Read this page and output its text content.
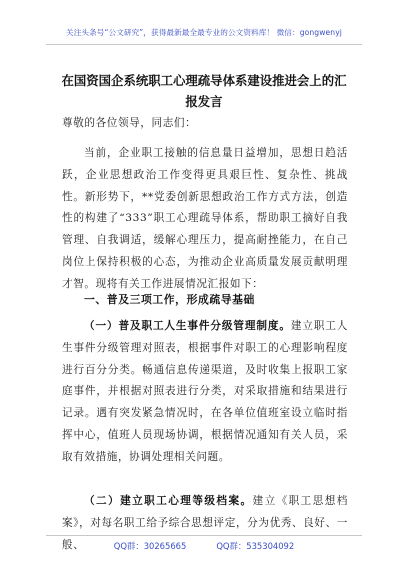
关注头条号“公文研究”，获得最新最全最专业的公文资料库！ 微信：gongwenyj
在国资国企系统职工心理疏导体系建设推进会上的汇报发言
尊敬的各位领导，同志们：
当前，企业职工接触的信息量日益增加，思想日趋活跃，企业思想政治工作变得更具艰巨性、复杂性、挑战性。新形势下，**党委创新思想政治工作方式方法，创造性的构建了“333”职工心理疏导体系，帮助职工摘好自我管理、自我调适，缓解心理压力，提高耐挫能力，在自己岗位上保持积极的心态，为推动企业高质量发展贡献明理才智。现将有关工作进展情况汇报如下：
一、普及三项工作，形成疏导基础
（一）普及职工人生事件分级管理制度。建立职工人生事件分级管理对照表，根据事件对职工的心理影响程度进行百分分类。畅通信息传递渠道，及时收集上报职工家庭事件，并根据对照表进行分类，对采取措施和结果进行记录。遇有突发紧急情况时，在各单位值班室设立临时指挥中心，值班人员现场协调，根据情况通知有关人员，采取有效措施，协调处理相关问题。
（二）建立职工心理等级档案。建立《职工思想档案》，对每名职工给予综合思想评定，分为优秀、良好、一般、	QQ群：30265665	QQ群：535304092
